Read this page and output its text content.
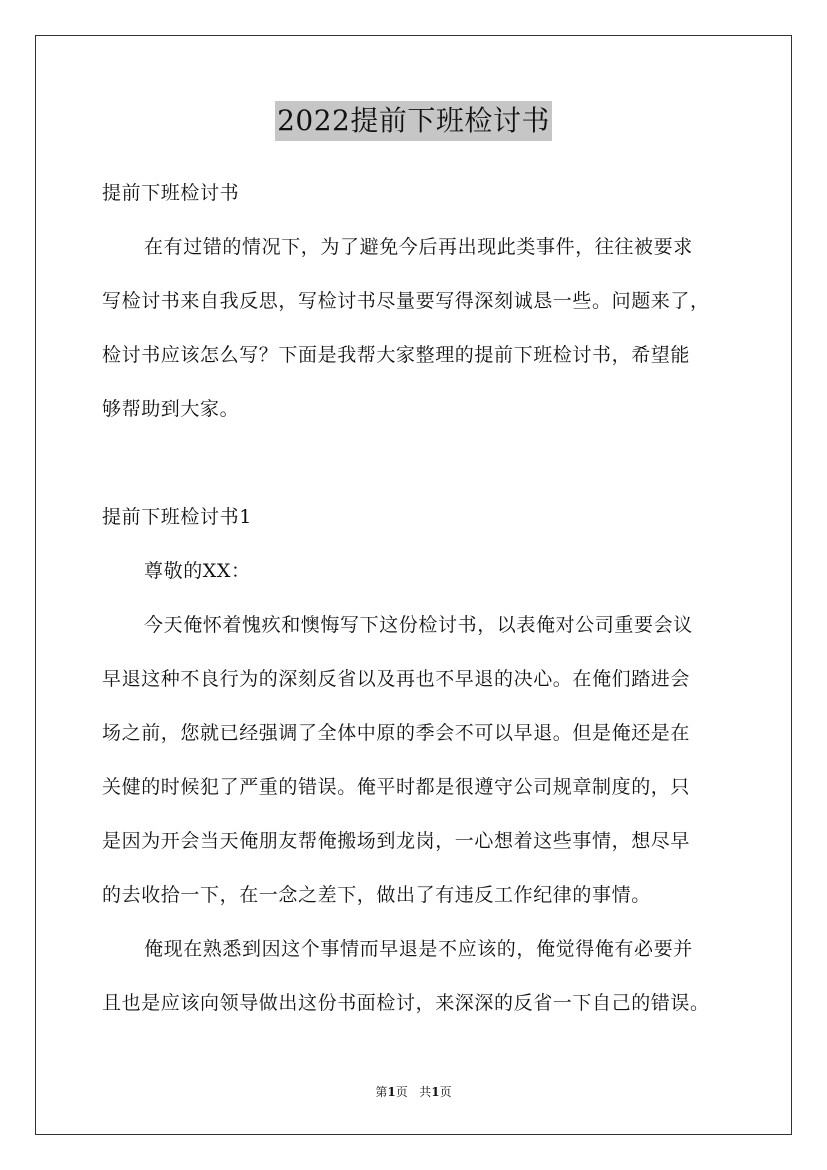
2022提前下班检讨书
提前下班检讨书
在有过错的情况下，为了避免今后再出现此类事件，往往被要求
写检讨书来自我反思，写检讨书尽量要写得深刻诚恳一些。问题来了，
检讨书应该怎么写？下面是我帮大家整理的提前下班检讨书，希望能
够帮助到大家。
提前下班检讨书1
尊敬的XX：
今天俺怀着愧疚和懊悔写下这份检讨书，以表俺对公司重要会议
早退这种不良行为的深刻反省以及再也不早退的决心。在俺们踏进会
场之前，您就已经强调了全体中原的季会不可以早退。但是俺还是在
关健的时候犯了严重的错误。俺平时都是很遵守公司规章制度的，只
是因为开会当天俺朋友帮俺搬场到龙岗，一心想着这些事情，想尽早
的去收拾一下，在一念之差下，做出了有违反工作纪律的事情。
俺现在熟悉到因这个事情而早退是不应该的，俺觉得俺有必要并
且也是应该向领导做出这份书面检讨，来深深的反省一下自己的错误。
第1页 共1页
